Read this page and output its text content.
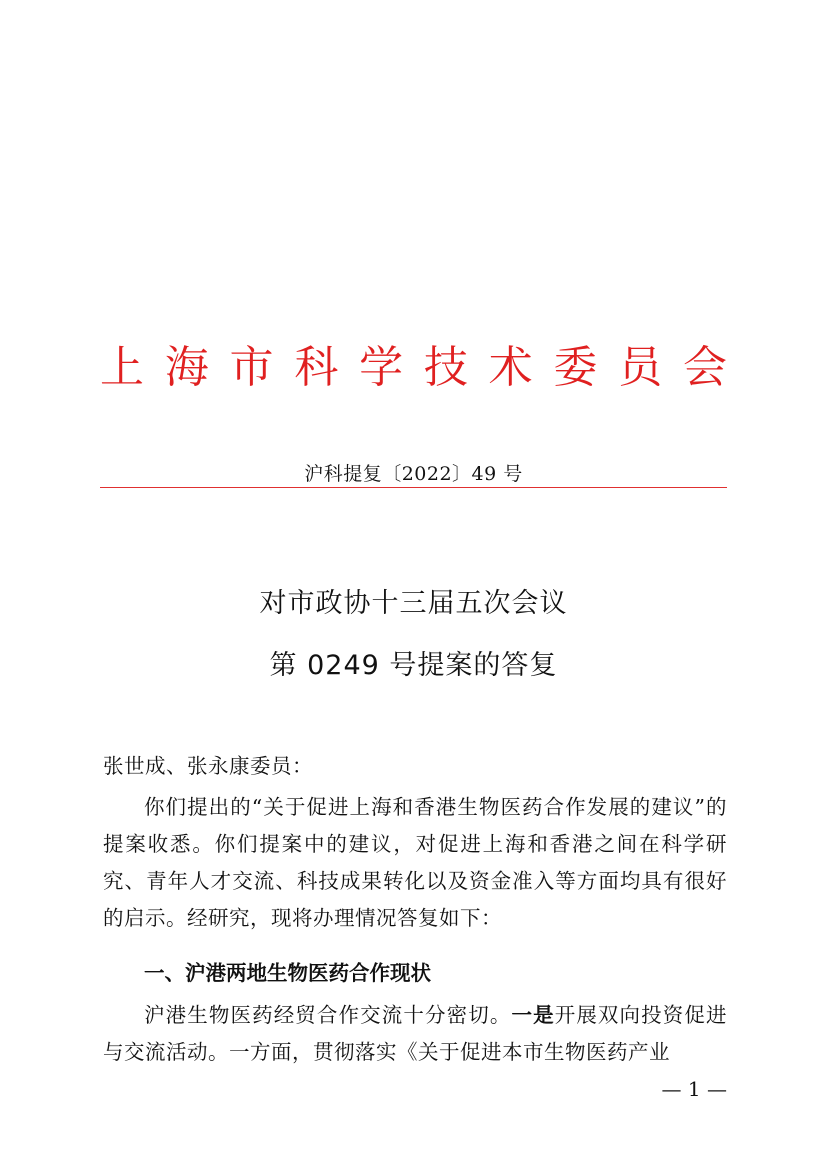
上 海 市 科 学 技 术 委 员 会
沪科提复〔2022〕49 号
对市政协十三届五次会议
第 0249 号提案的答复
张世成、张永康委员：
你们提出的“关于促进上海和香港生物医药合作发展的建议”的提案收悉。你们提案中的建议，对促进上海和香港之间在科学研究、青年人才交流、科技成果转化以及资金准入等方面均具有很好的启示。经研究，现将办理情况答复如下：
一、沪港两地生物医药合作现状
沪港生物医药经贸合作交流十分密切。一是开展双向投资促进与交流活动。一方面，贯彻落实《关于促进本市生物医药产业
— 1 —
